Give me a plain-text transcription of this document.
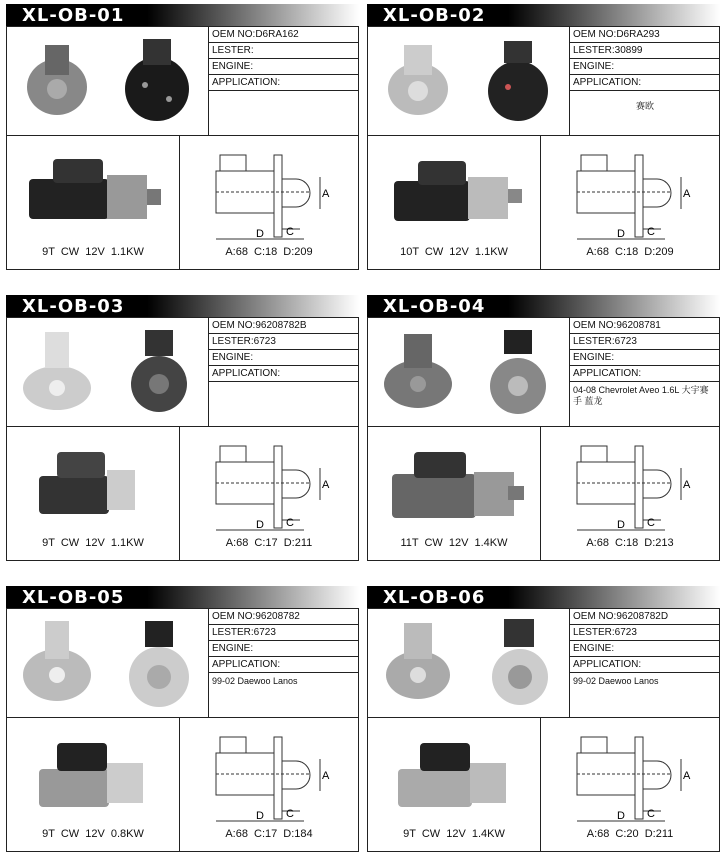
XL-OB-01
OEM NO:D6RA162
LESTER:
ENGINE:
APPLICATION:
A
C
D
9T CW 12V 1.1KW	A:68 C:18 D:209
XL-OB-02
OEM NO:D6RA293
LESTER:30899
ENGINE:
APPLICATION:
赛欧
A
C
D
10T CW 12V 1.1KW	A:68 C:18 D:209
XL-OB-03
OEM NO:96208782B
LESTER:6723
ENGINE:
APPLICATION:
A
C
D
9T CW 12V 1.1KW	A:68 C:17 D:211
XL-OB-04
OEM NO:96208781
LESTER:6723
ENGINE:
APPLICATION:
04-08 Chevrolet Aveo 1.6L 大宇赛手 蓝龙
A
C
D
11T CW 12V 1.4KW	A:68 C:18 D:213
XL-OB-05
OEM NO:96208782
LESTER:6723
ENGINE:
APPLICATION:
99-02 Daewoo Lanos
A
C
D
9T CW 12V 0.8KW	A:68 C:17 D:184
XL-OB-06
OEM NO:96208782D
LESTER:6723
ENGINE:
APPLICATION:
99-02 Daewoo Lanos
A
C
D
9T CW 12V 1.4KW	A:68 C:20 D:211
